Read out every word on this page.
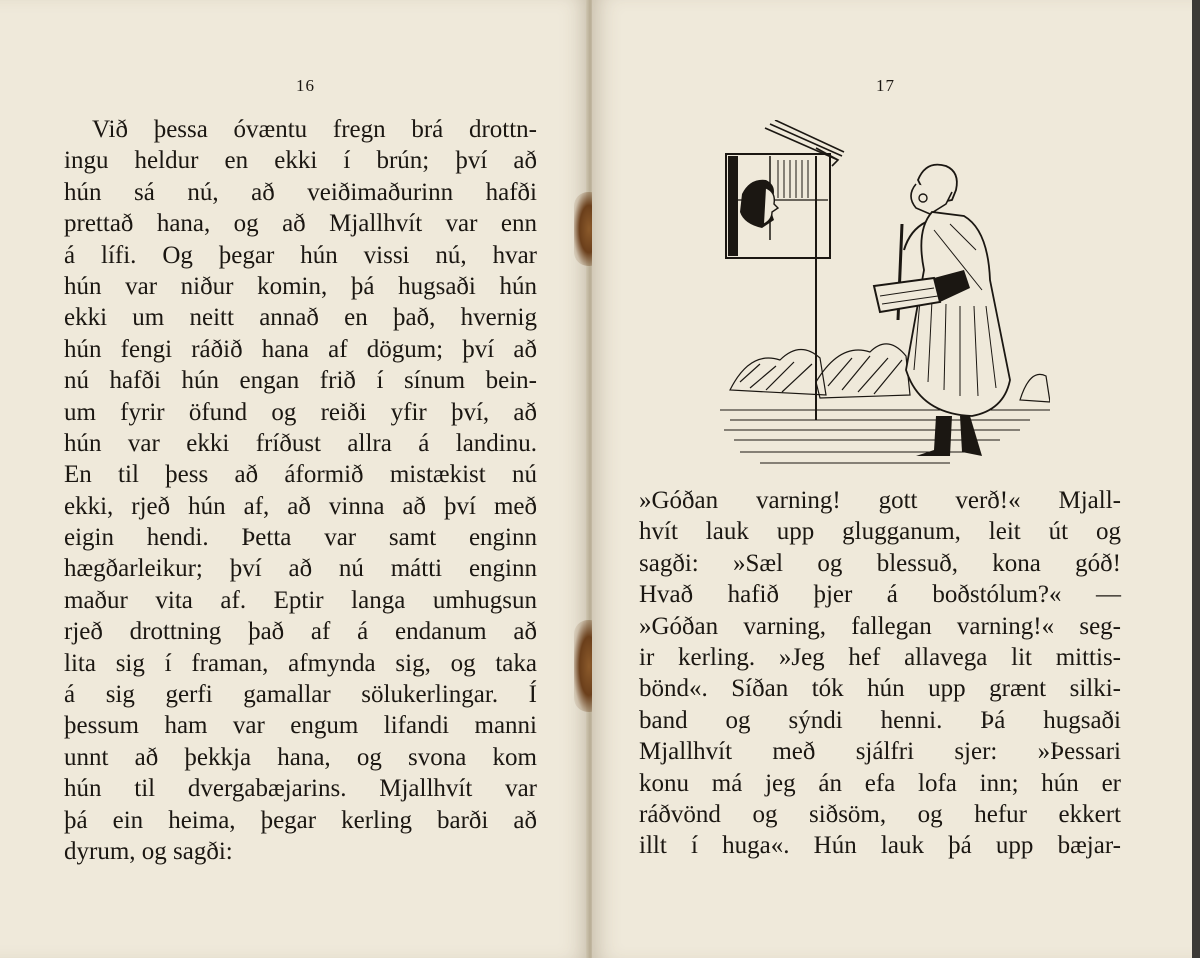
16
Við þessa óvæntu fregn brá drottn-
ingu heldur en ekki í brún; því að
hún sá nú, að veiðimaðurinn hafði
prettað hana, og að Mjallhvít var enn
á lífi. Og þegar hún vissi nú, hvar
hún var niður komin, þá hugsaði hún
ekki um neitt annað en það, hvernig
hún fengi ráðið hana af dögum; því að
nú hafði hún engan frið í sínum bein-
um fyrir öfund og reiði yfir því, að
hún var ekki fríðust allra á landinu.
En til þess að áformið mistækist nú
ekki, rjeð hún af, að vinna að því með
eigin hendi. Þetta var samt enginn
hægðarleikur; því að nú mátti enginn
maður vita af. Eptir langa umhugsun
rjeð drottning það af á endanum að
lita sig í framan, afmynda sig, og taka
á sig gerfi gamallar sölukerlingar. Í
þessum ham var engum lifandi manni
unnt að þekkja hana, og svona kom
hún til dvergabæjarins. Mjallhvít var
þá ein heima, þegar kerling barði að
dyrum, og sagði:
17
»Góðan varning! gott verð!« Mjall-
hvít lauk upp glugganum, leit út og
sagði: »Sæl og blessuð, kona góð!
Hvað hafið þjer á boðstólum?« —
»Góðan varning, fallegan varning!« seg-
ir kerling. »Jeg hef allavega lit mittis-
bönd«. Síðan tók hún upp grænt silki-
band og sýndi henni. Þá hugsaði
Mjallhvít með sjálfri sjer: »Þessari
konu má jeg án efa lofa inn; hún er
ráðvönd og siðsöm, og hefur ekkert
illt í huga«. Hún lauk þá upp bæjar-
